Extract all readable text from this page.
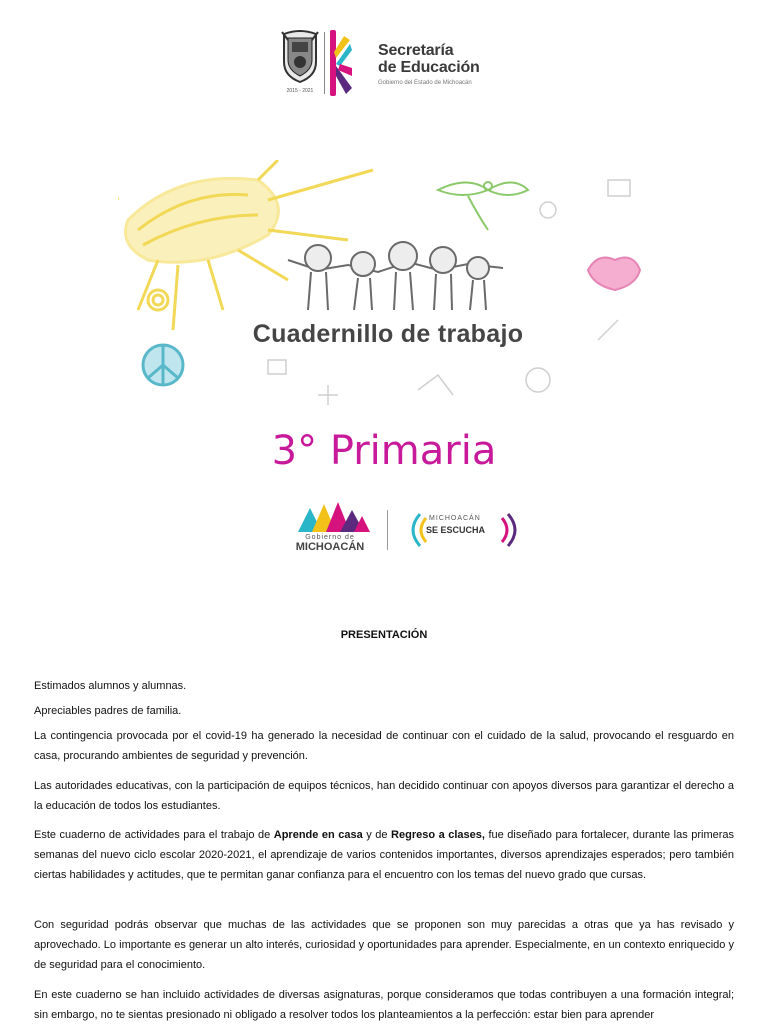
2015 - 2021
Secretaría
de Educación
Gobierno del Estado de Michoacán
Cuadernillo de trabajo
3° Primaria
Gobierno de
MICHOACÁN
MICHOACÁN
SE ESCUCHA
PRESENTACIÓN
Estimados alumnos y alumnas.
Apreciables padres de familia.
La contingencia provocada por el covid-19 ha generado la necesidad de continuar con el cuidado de la salud, provocando el resguardo en casa, procurando ambientes de seguridad y prevención.
Las autoridades educativas, con la participación de equipos técnicos, han decidido continuar con apoyos diversos para garantizar el derecho a la educación de todos los estudiantes.
Este cuaderno de actividades para el trabajo de Aprende en casa y de Regreso a clases, fue diseñado para fortalecer, durante las primeras semanas del nuevo ciclo escolar 2020-2021, el aprendizaje de varios contenidos importantes, diversos aprendizajes esperados; pero también ciertas habilidades y actitudes, que te permitan ganar confianza para el encuentro con los temas del nuevo grado que cursas.
Con seguridad podrás observar que muchas de las actividades que se proponen son muy parecidas a otras que ya has revisado y aprovechado. Lo importante es generar un alto interés, curiosidad y oportunidades para aprender. Especialmente, en un contexto enriquecido y de seguridad para el conocimiento.
En este cuaderno se han incluido actividades de diversas asignaturas, porque consideramos que todas contribuyen a una formación integral; sin embargo, no te sientas presionado ni obligado a resolver todos los planteamientos a la perfección: estar bien para aprender
